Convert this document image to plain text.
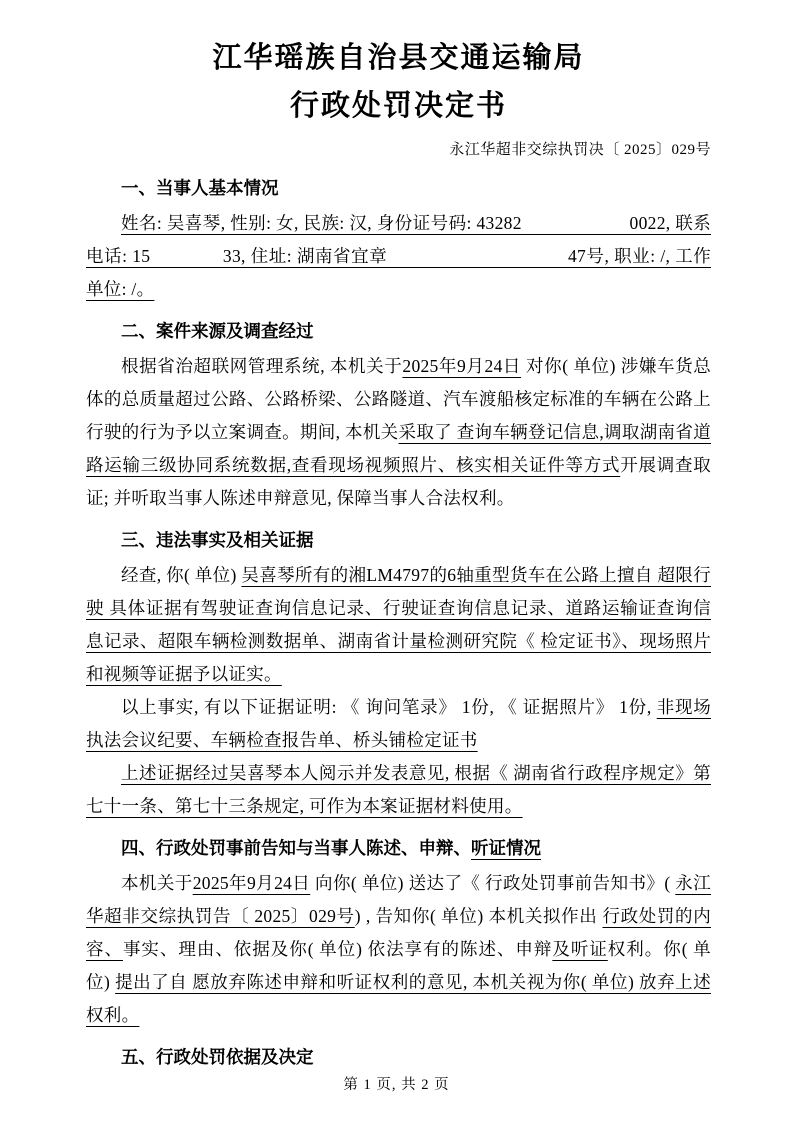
江华瑶族自治县交通运输局
行政处罚决定书
永江华超非交综执罚决〔 2025〕029号
一、当事人基本情况

姓名: 吴喜琴, 性别: 女, 民族: 汉, 身份证号码: 43282　　　　　　0022, 联系电话: 15　　　　33, 住址: 湖南省宜章　　　　　　　　　　47号, 职业: /, 工作单位: /。

二、案件来源及调查经过

根据省治超联网管理系统, 本机关于2025年9月24日 对你( 单位) 涉嫌车货总体的总质量超过公路、公路桥梁、公路隧道、汽车渡船核定标准的车辆在公路上行驶的行为予以立案调查。期间, 本机关采取了 查询车辆登记信息,调取湖南省道路运输三级协同系统数据,查看现场视频照片、核实相关证件等方式开展调查取证; 并听取当事人陈述申辩意见, 保障当事人合法权利。

三、违法事实及相关证据

经查, 你( 单位) 吴喜琴所有的湘LM4797的6轴重型货车在公路上擅自 超限行驶 具体证据有驾驶证查询信息记录、行驶证查询信息记录、道路运输证查询信息记录、超限车辆检测数据单、湖南省计量检测研究院《 检定证书》、现场照片和视频等证据予以证实。

以上事实, 有以下证据证明: 《 询问笔录》 1份, 《 证据照片》 1份, 非现场执法会议纪要、车辆检查报告单、桥头铺检定证书

上述证据经过吴喜琴本人阅示并发表意见, 根据《 湖南省行政程序规定》第七十一条、第七十三条规定, 可作为本案证据材料使用。

四、行政处罚事前告知与当事人陈述、申辩、听证情况

本机关于2025年9月24日 向你( 单位) 送达了《 行政处罚事前告知书》( 永江华超非交综执罚告〔 2025〕029号) , 告知你( 单位) 本机关拟作出 行政处罚的内容、事实、理由、依据及你( 单位) 依法享有的陈述、申辩及听证权利。你( 单位) 提出了自 愿放弃陈述申辩和听证权利的意见, 本机关视为你( 单位) 放弃上述权利。

五、行政处罚依据及决定
第 1 页, 共 2 页
